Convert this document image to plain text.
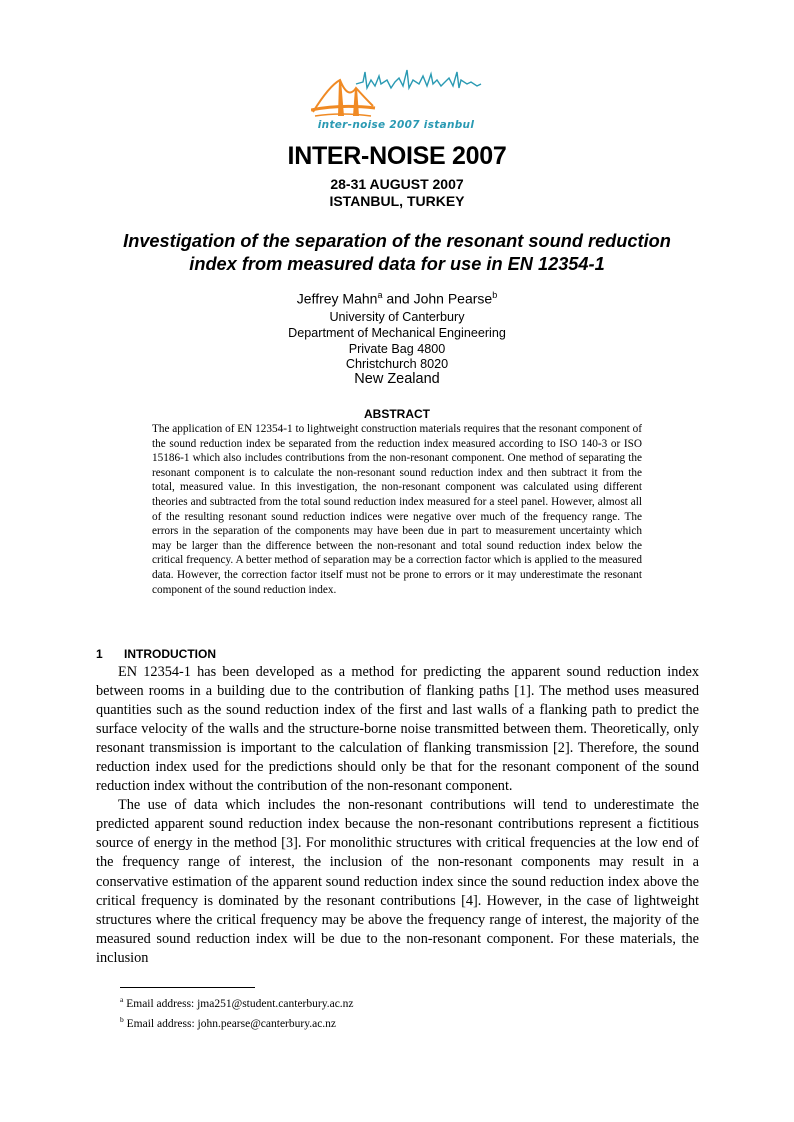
inter-noise 2007 istanbul
INTER-NOISE 2007
28-31 AUGUST 2007
ISTANBUL, TURKEY
Investigation of the separation of the resonant sound reduction
index from measured data for use in EN 12354-1
Jeffrey Mahn$^a$ and John Pearse$^b$
University of Canterbury
Department of Mechanical Engineering
Private Bag 4800
Christchurch 8020
New Zealand
ABSTRACT
The application of EN 12354-1 to lightweight construction materials requires that the resonant component of the sound reduction index be separated from the reduction index measured according to ISO 140-3 or ISO 15186-1 which also includes contributions from the non-resonant component. One method of separating the resonant component is to calculate the non-resonant sound reduction index and then subtract it from the total, measured value. In this investigation, the non-resonant component was calculated using different theories and subtracted from the total sound reduction index measured for a steel panel. However, almost all of the resulting resonant sound reduction indices were negative over much of the frequency range. The errors in the separation of the components may have been due in part to measurement uncertainty which may be larger than the difference between the non-resonant and total sound reduction index below the critical frequency. A better method of separation may be a correction factor which is applied to the measured data. However, the correction factor itself must not be prone to errors or it may underestimate the resonant component of the sound reduction index.
1 INTRODUCTION

EN 12354-1 has been developed as a method for predicting the apparent sound reduction index between rooms in a building due to the contribution of flanking paths [1]. The method uses measured quantities such as the sound reduction index of the first and last walls of a flanking path to predict the surface velocity of the walls and the structure-borne noise transmitted between them. Theoretically, only resonant transmission is important to the calculation of flanking transmission [2]. Therefore, the sound reduction index used for the predictions should only be that for the resonant component of the sound reduction index without the contribution of the non-resonant component.

The use of data which includes the non-resonant contributions will tend to underestimate the predicted apparent sound reduction index because the non-resonant contributions represent a fictitious source of energy in the method [3]. For monolithic structures with critical frequencies at the low end of the frequency range of interest, the inclusion of the non-resonant components may result in a conservative estimation of the apparent sound reduction index since the sound reduction index above the critical frequency is dominated by the resonant contributions [4]. However, in the case of lightweight structures where the critical frequency may be above the frequency range of interest, the majority of the measured sound reduction index will be due to the non-resonant component. For these materials, the inclusion

$^a$ Email address: jma251@student.canterbury.ac.nz
$^b$ Email address: john.pearse@canterbury.ac.nz
